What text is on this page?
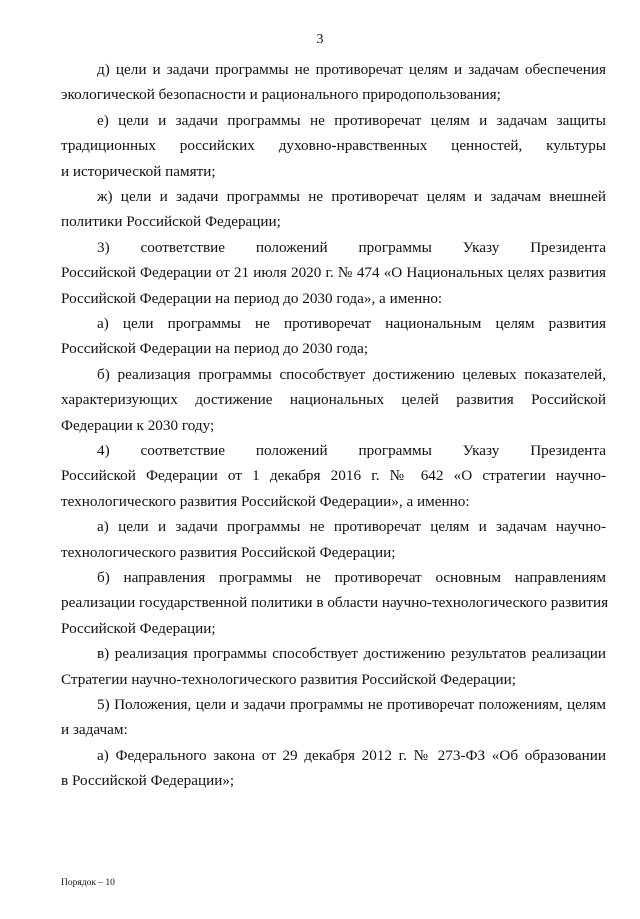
3
д) цели и задачи программы не противоречат целям и задачам обеспечения
экологической безопасности и рационального природопользования;
е) цели и задачи программы не противоречат целям и задачам защиты
традиционных российских духовно-нравственных ценностей, культуры
и исторической памяти;
ж) цели и задачи программы не противоречат целям и задачам внешней
политики Российской Федерации;
3) соответствие положений программы Указу Президента
Российской Федерации от 21 июля 2020 г. № 474 «О Национальных целях развития
Российской Федерации на период до 2030 года», а именно:
а) цели программы не противоречат национальным целям развития
Российской Федерации на период до 2030 года;
б) реализация программы способствует достижению целевых показателей,
характеризующих достижение национальных целей развития Российской
Федерации к 2030 году;
4) соответствие положений программы Указу Президента
Российской Федерации от 1 декабря 2016 г. № 642 «О стратегии научно-
технологического развития Российской Федерации», а именно:
а) цели и задачи программы не противоречат целям и задачам научно-
технологического развития Российской Федерации;
б) направления программы не противоречат основным направлениям
реализации государственной политики в области научно-технологического развития
Российской Федерации;
в) реализация программы способствует достижению результатов реализации
Стратегии научно-технологического развития Российской Федерации;
5) Положения, цели и задачи программы не противоречат положениям, целям
и задачам:
а) Федерального закона от 29 декабря 2012 г. № 273-ФЗ «Об образовании
в Российской Федерации»;
Порядок – 10
